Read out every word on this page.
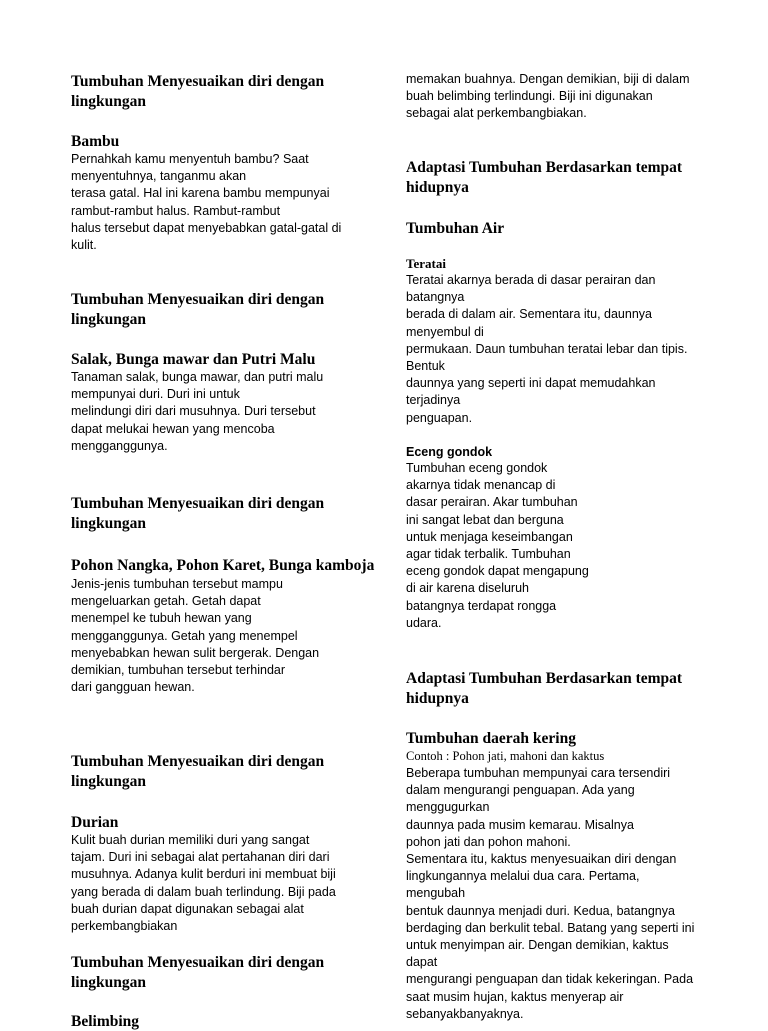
Tumbuhan Menyesuaikan diri dengan lingkungan
Bambu
Pernahkah kamu menyentuh bambu? Saat
menyentuhnya, tanganmu akan
terasa gatal. Hal ini karena bambu mempunyai
rambut-rambut halus. Rambut-rambut
halus tersebut dapat menyebabkan gatal-gatal di
kulit.
Tumbuhan Menyesuaikan diri dengan lingkungan
Salak, Bunga mawar dan Putri Malu
Tanaman salak, bunga mawar, dan putri malu
mempunyai duri. Duri ini untuk
melindungi diri dari musuhnya. Duri tersebut
dapat melukai hewan yang mencoba
mengganggunya.
Tumbuhan Menyesuaikan diri dengan lingkungan
Pohon Nangka, Pohon Karet, Bunga kamboja
Jenis-jenis tumbuhan tersebut mampu
mengeluarkan getah. Getah dapat
menempel ke tubuh hewan yang
mengganggunya. Getah yang menempel
menyebabkan hewan sulit bergerak. Dengan
demikian, tumbuhan tersebut terhindar
dari gangguan hewan.
Tumbuhan Menyesuaikan diri dengan lingkungan
Durian
Kulit buah durian memiliki duri yang sangat
tajam. Duri ini sebagai alat pertahanan diri dari
musuhnya. Adanya kulit berduri ini membuat biji
yang berada di dalam buah terlindung. Biji pada
buah durian dapat digunakan sebagai alat
perkembangbiakan
Tumbuhan Menyesuaikan diri dengan lingkungan
Belimbing
memakan buahnya. Dengan demikian, biji di dalam
buah belimbing terlindungi. Biji ini digunakan
sebagai alat perkembangbiakan.
Adaptasi Tumbuhan Berdasarkan tempat hidupnya
Tumbuhan Air
Teratai
Teratai akarnya berada di dasar perairan dan
batangnya
berada di dalam air. Sementara itu, daunnya
menyembul di
permukaan. Daun tumbuhan teratai lebar dan tipis.
Bentuk
daunnya yang seperti ini dapat memudahkan
terjadinya
penguapan.
Eceng gondok
Tumbuhan eceng gondok
akarnya tidak menancap di
dasar perairan. Akar tumbuhan
ini sangat lebat dan berguna
untuk menjaga keseimbangan
agar tidak terbalik. Tumbuhan
eceng gondok dapat mengapung
di air karena diseluruh
batangnya terdapat rongga
udara.
Adaptasi Tumbuhan Berdasarkan tempat hidupnya
Tumbuhan daerah kering
Contoh : Pohon jati, mahoni dan kaktus
Beberapa tumbuhan mempunyai cara tersendiri
dalam mengurangi penguapan. Ada yang
menggugurkan
daunnya pada musim kemarau. Misalnya
pohon jati dan pohon mahoni.
Sementara itu, kaktus menyesuaikan diri dengan
lingkungannya melalui dua cara. Pertama,
mengubah
bentuk daunnya menjadi duri. Kedua, batangnya
berdaging dan berkulit tebal. Batang yang seperti ini
untuk menyimpan air. Dengan demikian, kaktus
dapat
mengurangi penguapan dan tidak kekeringan. Pada
saat musim hujan, kaktus menyerap air
sebanyakbanyaknya.
